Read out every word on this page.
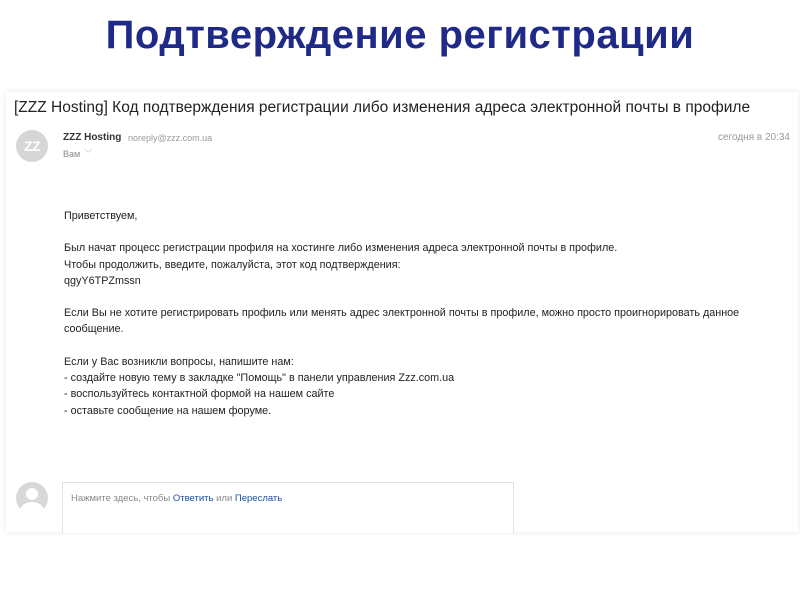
Подтверждение регистрации
[ZZZ Hosting] Код подтверждения регистрации либо изменения адреса электронной почты в профиле
ZZ
ZZZ Hosting noreply@zzz.com.ua
Вам ﹀
сегодня в 20:34

Приветствуем,

Был начат процесс регистрации профиля на хостинге либо изменения адреса электронной почты в профиле.
Чтобы продолжить, введите, пожалуйста, этот код подтверждения:
qgyY6TPZmssn

Если Вы не хотите регистрировать профиль или менять адрес электронной почты в профиле, можно просто проигнорировать данное сообщение.

Если у Вас возникли вопросы, напишите нам:
- создайте новую тему в закладке "Помощь" в панели управления Zzz.com.ua
- воспользуйтесь контактной формой на нашем сайте
- оставьте сообщение на нашем форуме.

Нажмите здесь, чтобы Ответить или Переслать
